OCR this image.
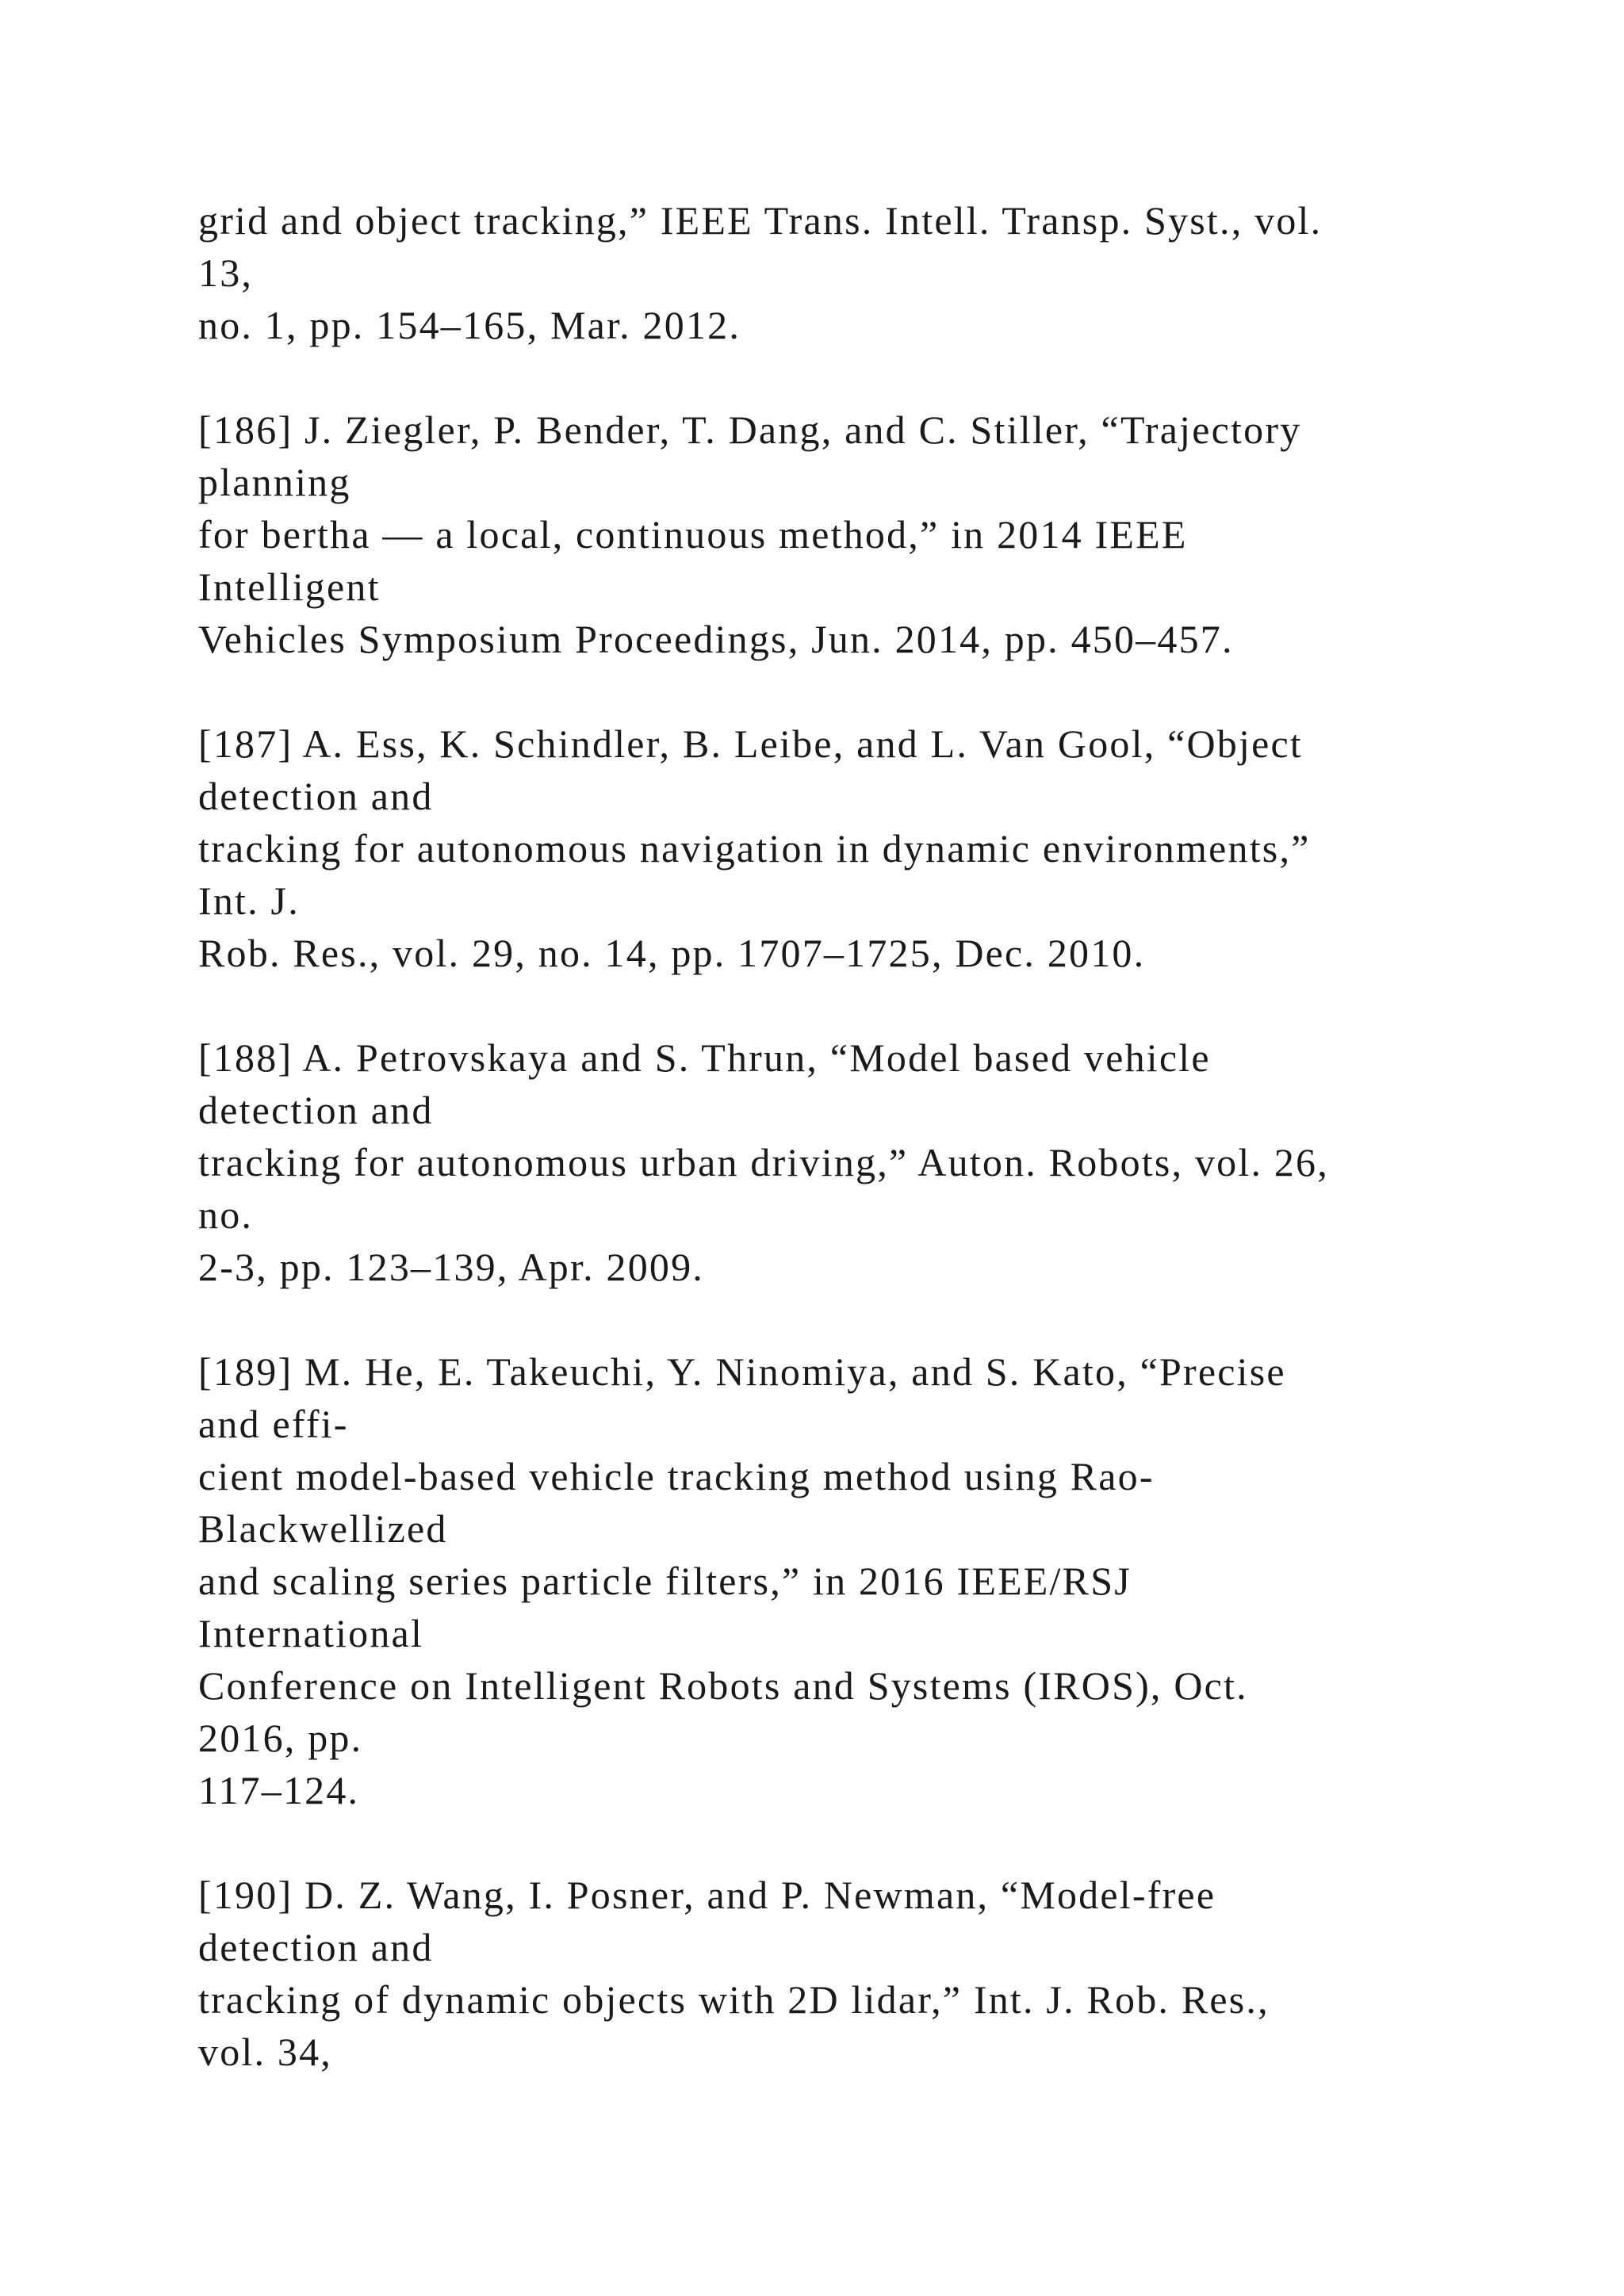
grid and object tracking,” IEEE Trans. Intell. Transp. Syst., vol.
13,
no. 1, pp. 154–165, Mar. 2012.
[186] J. Ziegler, P. Bender, T. Dang, and C. Stiller, “Trajectory
planning
for bertha — a local, continuous method,” in 2014 IEEE
Intelligent
Vehicles Symposium Proceedings, Jun. 2014, pp. 450–457.
[187] A. Ess, K. Schindler, B. Leibe, and L. Van Gool, “Object
detection and
tracking for autonomous navigation in dynamic environments,”
Int. J.
Rob. Res., vol. 29, no. 14, pp. 1707–1725, Dec. 2010.
[188] A. Petrovskaya and S. Thrun, “Model based vehicle
detection and
tracking for autonomous urban driving,” Auton. Robots, vol. 26,
no.
2-3, pp. 123–139, Apr. 2009.
[189] M. He, E. Takeuchi, Y. Ninomiya, and S. Kato, “Precise
and effi-
cient model-based vehicle tracking method using Rao-
Blackwellized
and scaling series particle filters,” in 2016 IEEE/RSJ
International
Conference on Intelligent Robots and Systems (IROS), Oct.
2016, pp.
117–124.
[190] D. Z. Wang, I. Posner, and P. Newman, “Model-free
detection and
tracking of dynamic objects with 2D lidar,” Int. J. Rob. Res.,
vol. 34,
